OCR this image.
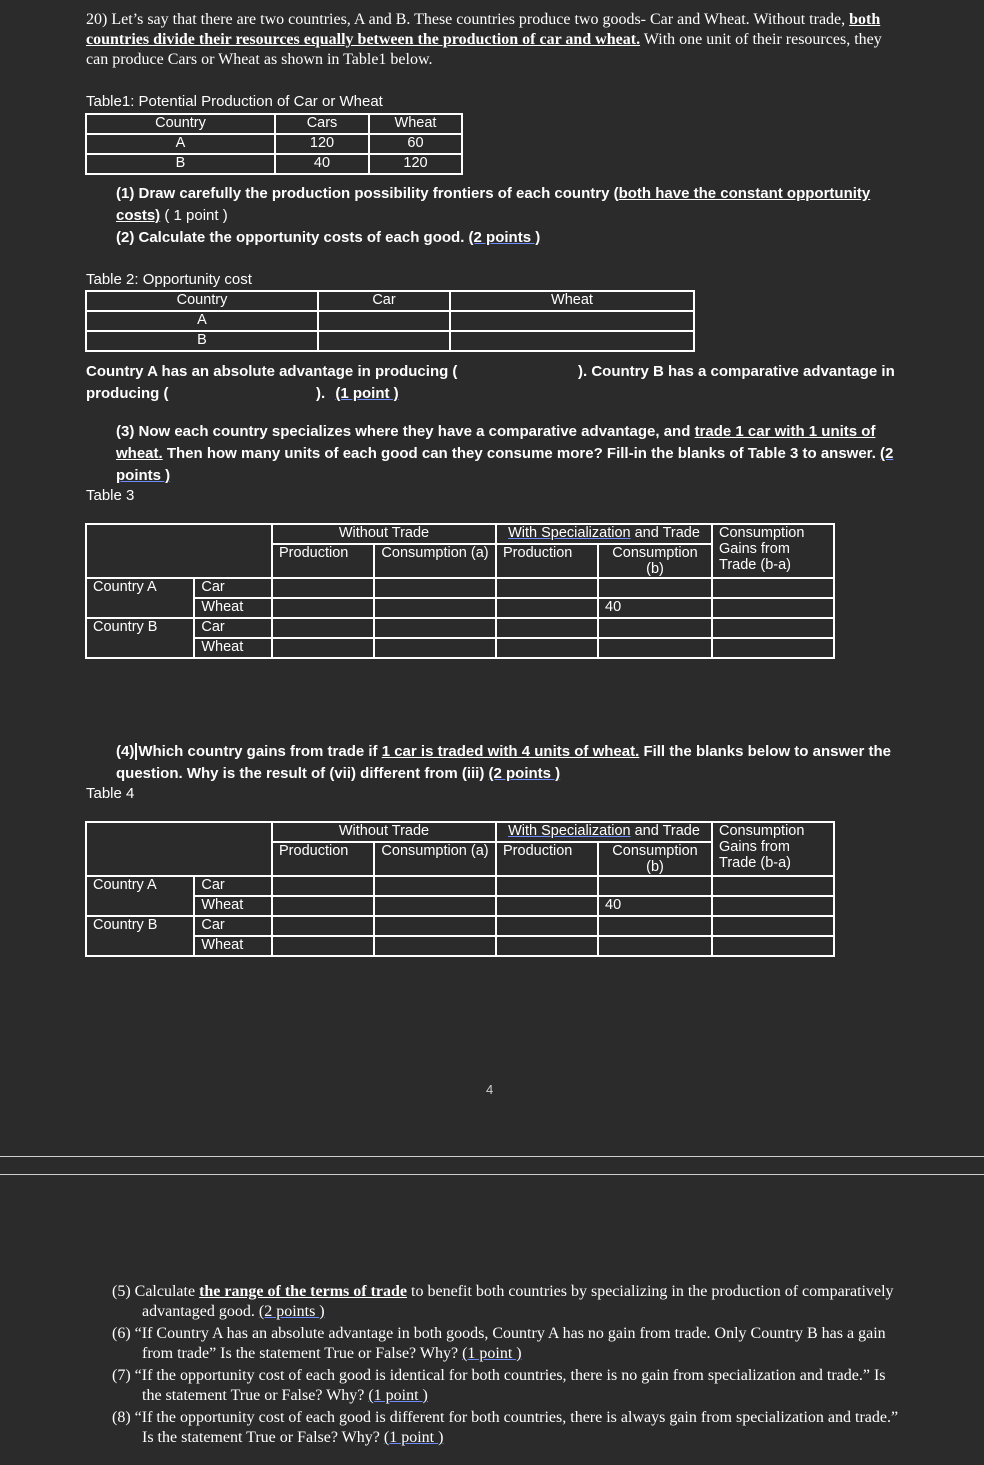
20) Let’s say that there are two countries, A and B. These countries produce two goods- Car and Wheat. Without trade, both countries divide their resources equally between the production of car and wheat. With one unit of their resources, they can produce Cars or Wheat as shown in Table1 below.
Table1: Potential Production of Car or Wheat
Country	Cars	Wheat
A	120	60
B	40	120
(1) Draw carefully the production possibility frontiers of each country (both have the constant opportunity costs) ( 1 point )
(2) Calculate the opportunity costs of each good. (2 points )
Table 2: Opportunity cost
Country	Car	Wheat
A		
B		
Country A has an absolute advantage in producing (	). Country B has a comparative advantage in
producing (	). (1 point )
(3) Now each country specializes where they have a comparative advantage, and trade 1 car with 1 units of wheat. Then how many units of each good can they consume more? Fill-in the blanks of Table 3 to answer. (2 points )
Table 3
		Without Trade		With Specialization and Trade		Consumption Gains from Trade (b-a)
		Production	Consumption (a)	Production	Consumption (b)	
Country A	Car					
	Wheat				40	
Country B	Car					
	Wheat					
(4) Which country gains from trade if 1 car is traded with 4 units of wheat. Fill the blanks below to answer the question. Why is the result of (vii) different from (iii) (2 points )
Table 4
		Without Trade		With Specialization and Trade		Consumption Gains from Trade (b-a)
		Production	Consumption (a)	Production	Consumption (b)	
Country A	Car					
	Wheat				40	
Country B	Car					
	Wheat					
4

(5) Calculate the range of the terms of trade to benefit both countries by specializing in the production of comparatively advantaged good. (2 points )

(6) “If Country A has an absolute advantage in both goods, Country A has no gain from trade. Only Country B has a gain from trade” Is the statement True or False? Why? (1 point )

(7) “If the opportunity cost of each good is identical for both countries, there is no gain from specialization and trade.” Is the statement True or False? Why? (1 point )

(8) “If the opportunity cost of each good is different for both countries, there is always gain from specialization and trade.” Is the statement True or False? Why? (1 point )
